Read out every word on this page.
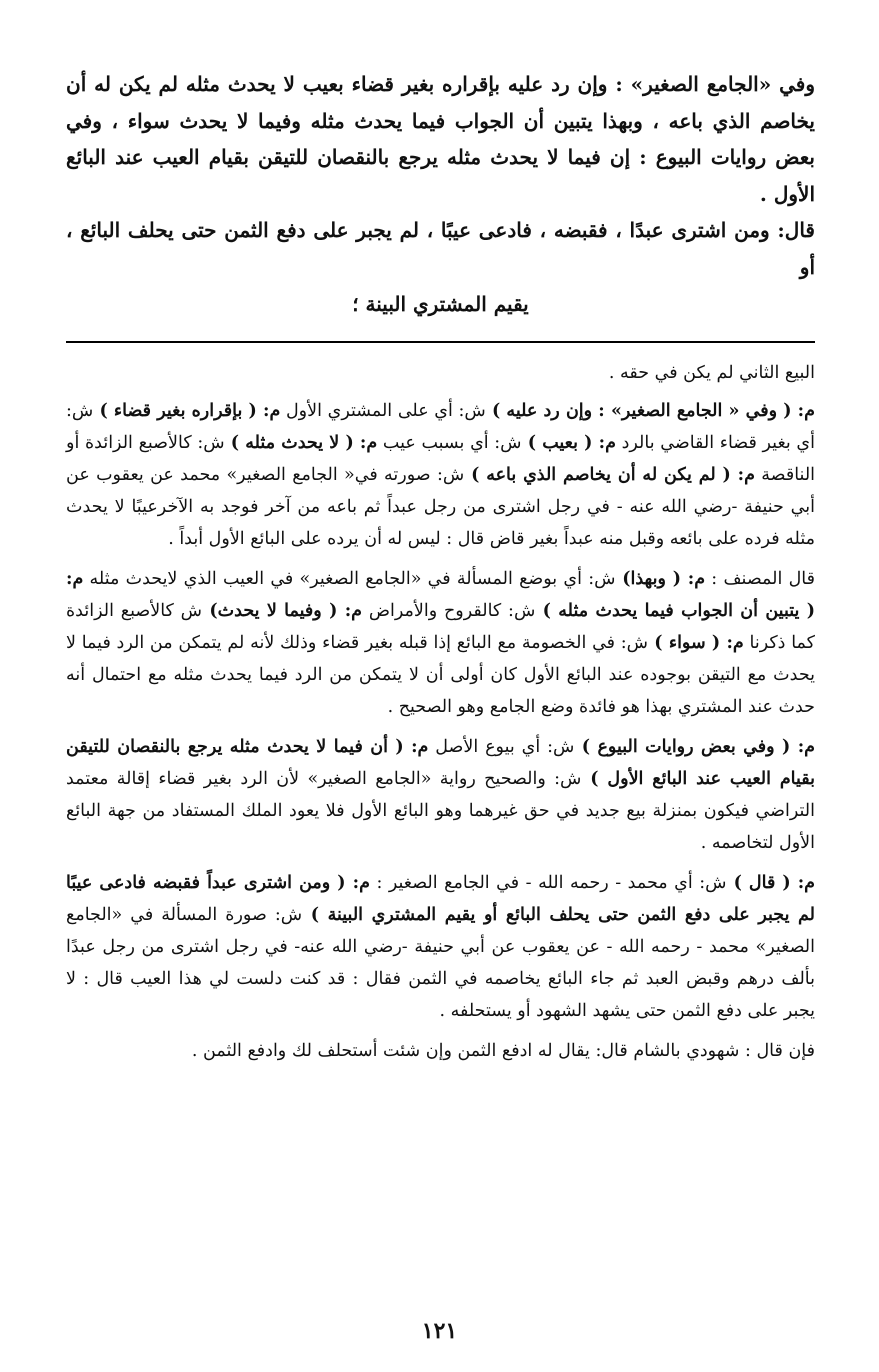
وفي «الجامع الصغير» : وإن رد عليه بإقراره بغير قضاء بعيب لا يحدث مثله لم يكن له أن يخاصم الذي باعه ، وبهذا يتبين أن الجواب فيما يحدث مثله وفيما لا يحدث سواء ، وفي بعض روايات البيوع : إن فيما لا يحدث مثله يرجع بالنقصان للتيقن بقيام العيب عند البائع الأول .

قال: ومن اشترى عبدًا ، فقبضه ، فادعى عيبًا ، لم يجبر على دفع الثمن حتى يحلف البائع ، أو

يقيم المشتري البينة ؛

البيع الثاني لم يكن في حقه .

م: ( وفي « الجامع الصغير» : وإن رد عليه ) ش: أي على المشتري الأول م: ( بإقراره بغير قضاء ) ش: أي بغير قضاء القاضي بالرد م: ( بعيب ) ش: أي بسبب عيب م: ( لا يحدث مثله ) ش: كالأصبع الزائدة أو الناقصة م: ( لم يكن له أن يخاصم الذي باعه ) ش: صورته في« الجامع الصغير» محمد عن يعقوب عن أبي حنيفة -رضي الله عنه - في رجل اشترى من رجل عبداً ثم باعه من آخر فوجد به الآخرعيبًا لا يحدث مثله فرده على بائعه وقبل منه عبداً بغير قاض قال : ليس له أن يرده على البائع الأول أبداً .

قال المصنف : م: ( وبهذا) ش: أي بوضع المسألة في «الجامع الصغير» في العيب الذي لايحدث مثله م: ( يتبين أن الجواب فيما يحدث مثله ) ش: كالقروح والأمراض م: ( وفيما لا يحدث) ش كالأصبع الزائدة كما ذكرنا م: ( سواء ) ش: في الخصومة مع البائع إذا قبله بغير قضاء وذلك لأنه لم يتمكن من الرد فيما لا يحدث مع التيقن بوجوده عند البائع الأول كان أولى أن لا يتمكن من الرد فيما يحدث مثله مع احتمال أنه حدث عند المشتري بهذا هو فائدة وضع الجامع وهو الصحيح .

م: ( وفي بعض روايات البيوع ) ش: أي بيوع الأصل م: ( أن فيما لا يحدث مثله يرجع بالنقصان للتيقن بقيام العيب عند البائع الأول ) ش: والصحيح رواية «الجامع الصغير» لأن الرد بغير قضاء إقالة معتمد التراضي فيكون بمنزلة بيع جديد في حق غيرهما وهو البائع الأول فلا يعود الملك المستفاد من جهة البائع الأول لتخاصمه .

م: ( قال ) ش: أي محمد - رحمه الله - في الجامع الصغير : م: ( ومن اشترى عبداً فقبضه فادعى عيبًا لم يجبر على دفع الثمن حتى يحلف البائع أو يقيم المشتري البينة ) ش: صورة المسألة في «الجامع الصغير» محمد - رحمه الله - عن يعقوب عن أبي حنيفة -رضي الله عنه- في رجل اشترى من رجل عبدًا بألف درهم وقبض العبد ثم جاء البائع يخاصمه في الثمن فقال : قد كنت دلست لي هذا العيب قال : لا يجبر على دفع الثمن حتى يشهد الشهود أو يستحلفه .

فإن قال : شهودي بالشام قال: يقال له ادفع الثمن وإن شئت أستحلف لك وادفع الثمن .

١٢١
